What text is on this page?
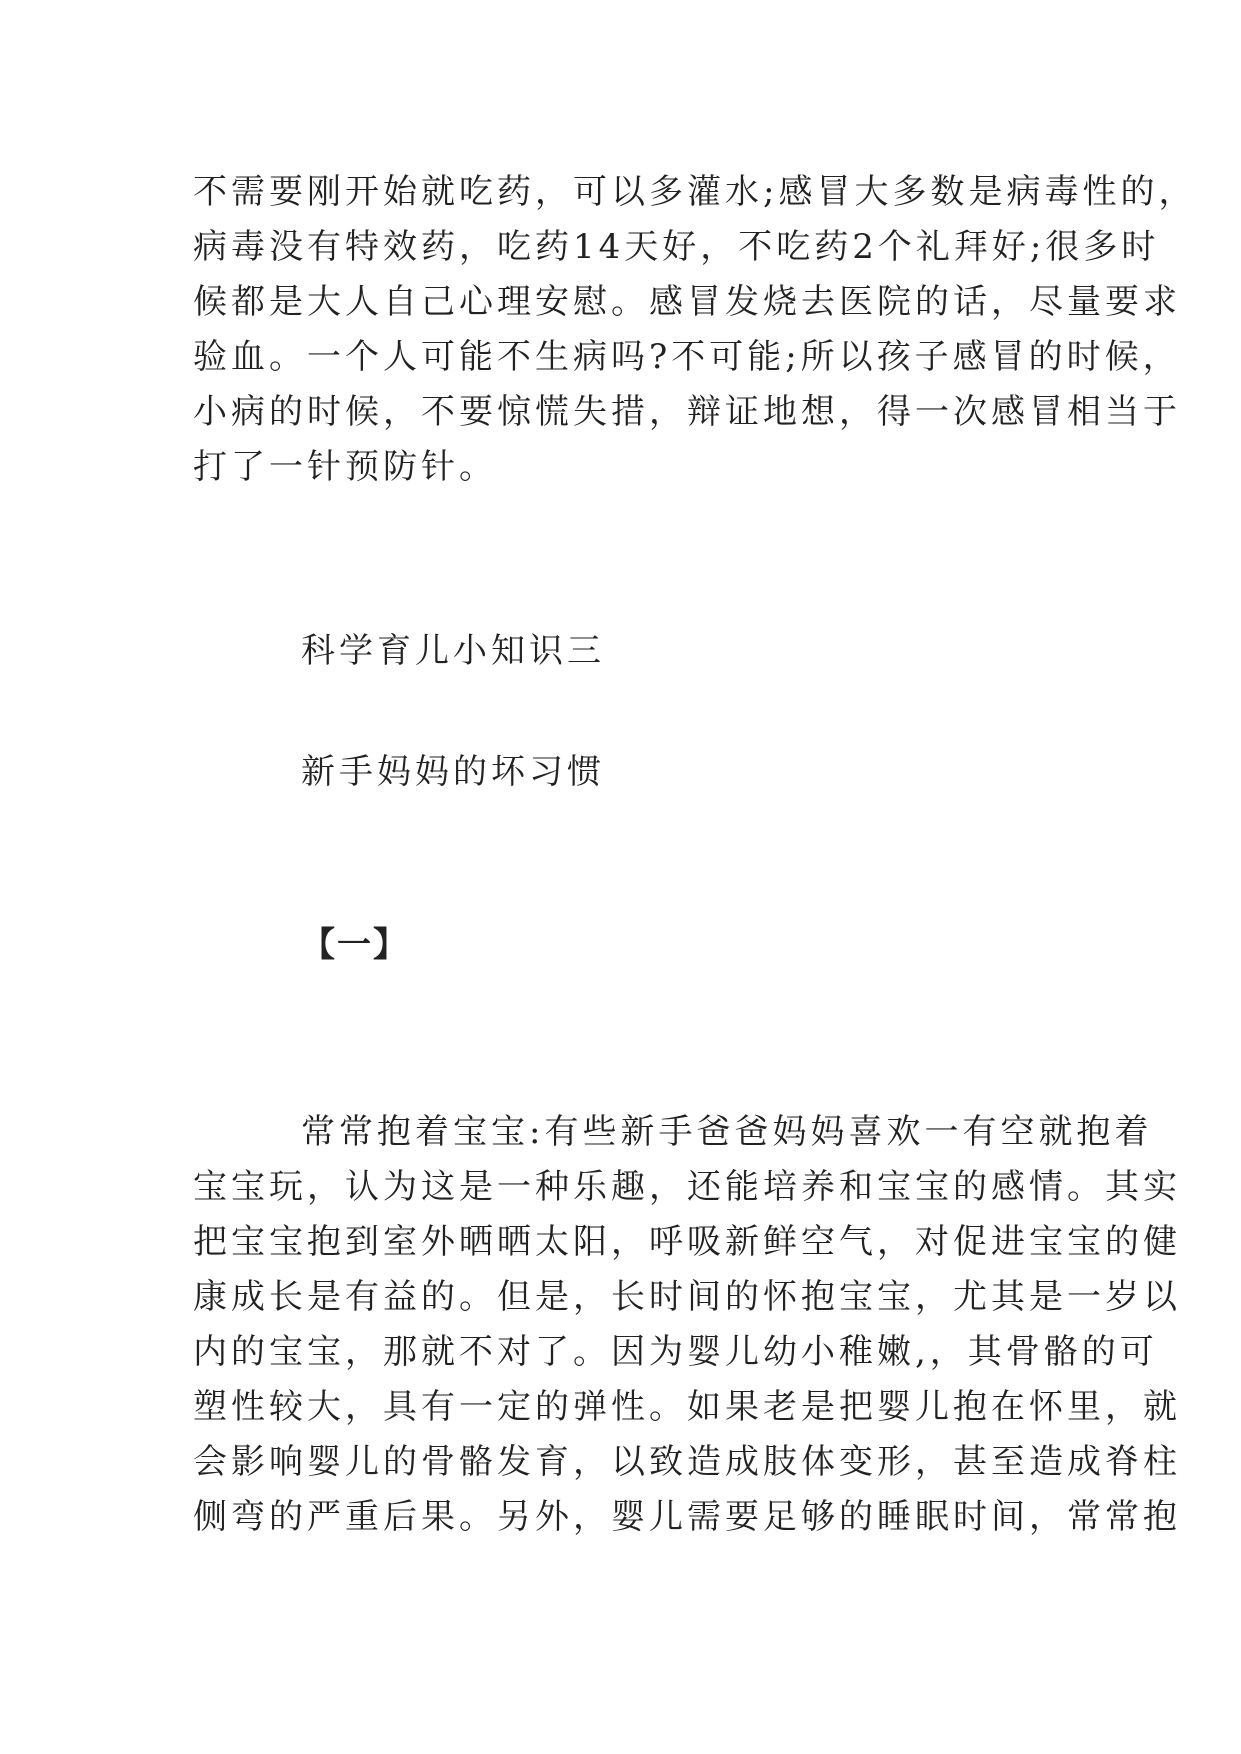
不需要刚开始就吃药，可以多灌水;感冒大多数是病毒性的，
病毒没有特效药，吃药14天好，不吃药2个礼拜好;很多时
候都是大人自己心理安慰。感冒发烧去医院的话，尽量要求
验血。一个人可能不生病吗?不可能;所以孩子感冒的时候，
小病的时候，不要惊慌失措，辩证地想，得一次感冒相当于
打了一针预防针。
科学育儿小知识三
新手妈妈的坏习惯
【一】
常常抱着宝宝:有些新手爸爸妈妈喜欢一有空就抱着
宝宝玩，认为这是一种乐趣，还能培养和宝宝的感情。其实
把宝宝抱到室外晒晒太阳，呼吸新鲜空气，对促进宝宝的健
康成长是有益的。但是，长时间的怀抱宝宝，尤其是一岁以
内的宝宝，那就不对了。因为婴儿幼小稚嫩,，其骨骼的可
塑性较大，具有一定的弹性。如果老是把婴儿抱在怀里，就
会影响婴儿的骨骼发育，以致造成肢体变形，甚至造成脊柱
侧弯的严重后果。另外，婴儿需要足够的睡眠时间，常常抱
